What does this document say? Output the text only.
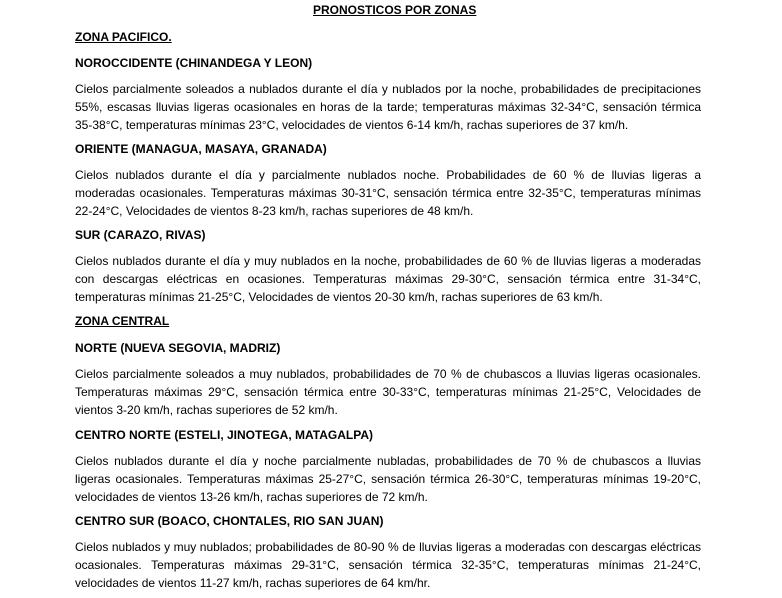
PRONOSTICOS POR ZONAS
ZONA PACIFICO.
NOROCCIDENTE (CHINANDEGA Y LEON)

Cielos parcialmente soleados a nublados durante el día y nublados por la noche, probabilidades de precipitaciones 55%, escasas lluvias ligeras ocasionales en horas de la tarde; temperaturas máximas 32-34°C, sensación térmica 35-38°C, temperaturas mínimas 23°C, velocidades de vientos 6-14 km/h, rachas superiores de 37 km/h.

ORIENTE (MANAGUA, MASAYA, GRANADA)

Cielos nublados durante el día y parcialmente nublados noche. Probabilidades de 60 % de lluvias ligeras a moderadas ocasionales. Temperaturas máximas 30-31°C, sensación térmica entre 32-35°C, temperaturas mínimas 22-24°C, Velocidades de vientos 8-23 km/h, rachas superiores de 48 km/h.

SUR (CARAZO, RIVAS)

Cielos nublados durante el día y muy nublados en la noche, probabilidades de 60 % de lluvias ligeras a moderadas con descargas eléctricas en ocasiones. Temperaturas máximas 29-30°C, sensación térmica entre 31-34°C, temperaturas mínimas 21-25°C, Velocidades de vientos 20-30 km/h, rachas superiores de 63 km/h.

ZONA CENTRAL
NORTE (NUEVA SEGOVIA, MADRIZ)

Cielos parcialmente soleados a muy nublados, probabilidades de 70 % de chubascos a lluvias ligeras ocasionales. Temperaturas máximas 29°C, sensación térmica entre 30-33°C, temperaturas mínimas 21-25°C, Velocidades de vientos 3-20 km/h, rachas superiores de 52 km/h.

CENTRO NORTE (ESTELI, JINOTEGA, MATAGALPA)

Cielos nublados durante el día y noche parcialmente nubladas, probabilidades de 70 % de chubascos a lluvias ligeras ocasionales. Temperaturas máximas 25-27°C, sensación térmica 26-30°C, temperaturas mínimas 19-20°C, velocidades de vientos 13-26 km/h, rachas superiores de 72 km/h.

CENTRO SUR (BOACO, CHONTALES, RIO SAN JUAN)

Cielos nublados y muy nublados; probabilidades de 80-90 % de lluvias ligeras a moderadas con descargas eléctricas ocasionales. Temperaturas máximas 29-31°C, sensación térmica 32-35°C, temperaturas mínimas 21-24°C, velocidades de vientos 11-27 km/h, rachas superiores de 64 km/hr.
